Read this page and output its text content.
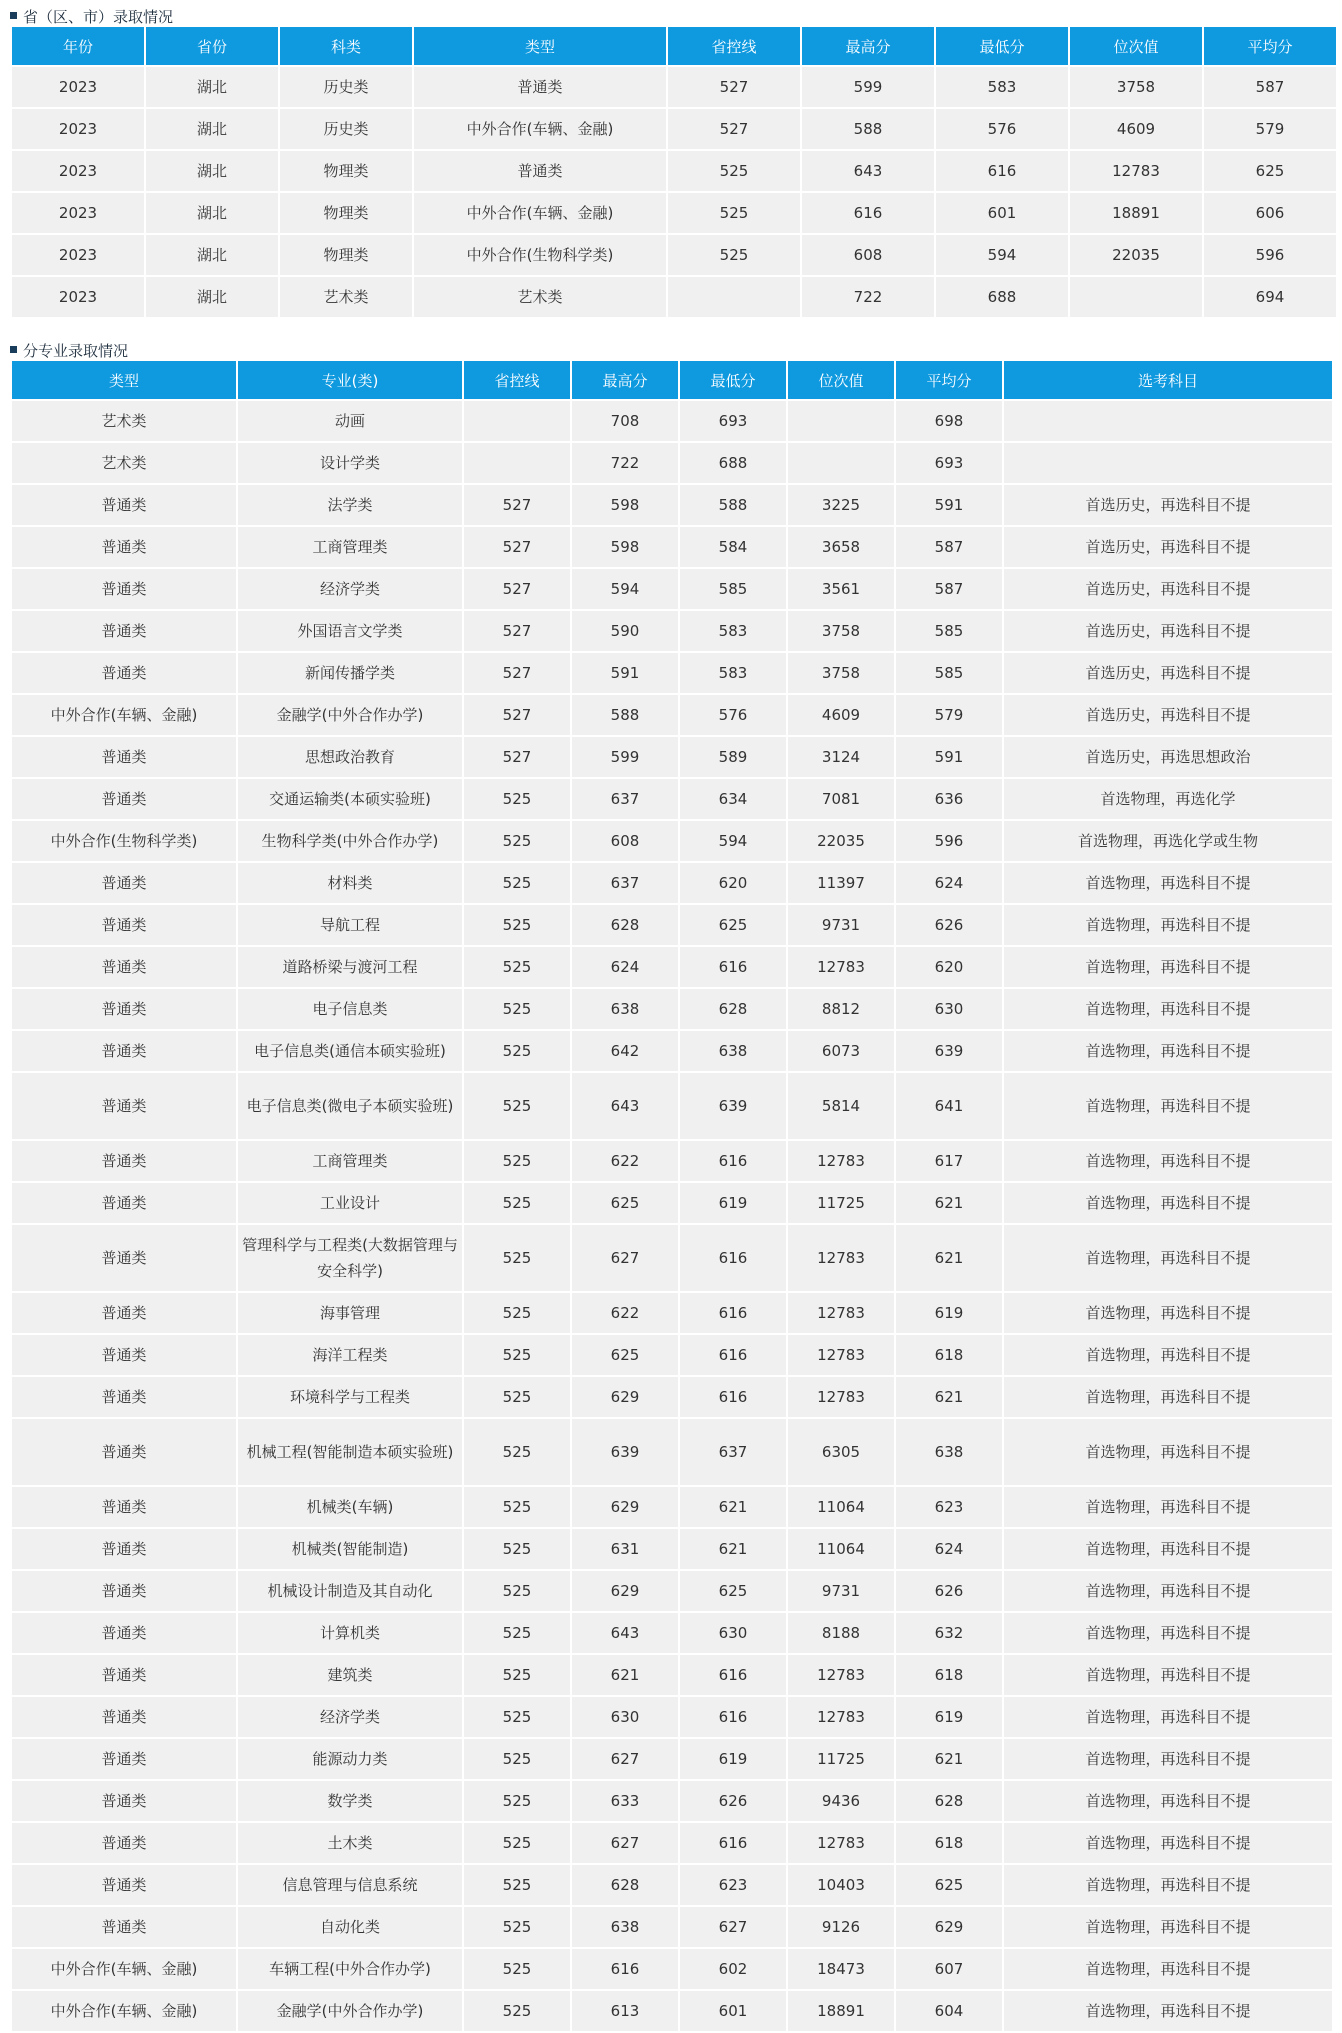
省（区、市）录取情况
年份	省份	科类	类型	省控线	最高分	最低分	位次值	平均分
2023	湖北	历史类	普通类	527	599	583	3758	587
2023	湖北	历史类	中外合作(车辆、金融)	527	588	576	4609	579
2023	湖北	物理类	普通类	525	643	616	12783	625
2023	湖北	物理类	中外合作(车辆、金融)	525	616	601	18891	606
2023	湖北	物理类	中外合作(生物科学类)	525	608	594	22035	596
2023	湖北	艺术类	艺术类		722	688		694
分专业录取情况
类型	专业(类)	省控线	最高分	最低分	位次值	平均分	选考科目
艺术类	动画		708	693		698	
艺术类	设计学类		722	688		693	
普通类	法学类	527	598	588	3225	591	首选历史，再选科目不提
普通类	工商管理类	527	598	584	3658	587	首选历史，再选科目不提
普通类	经济学类	527	594	585	3561	587	首选历史，再选科目不提
普通类	外国语言文学类	527	590	583	3758	585	首选历史，再选科目不提
普通类	新闻传播学类	527	591	583	3758	585	首选历史，再选科目不提
中外合作(车辆、金融)	金融学(中外合作办学)	527	588	576	4609	579	首选历史，再选科目不提
普通类	思想政治教育	527	599	589	3124	591	首选历史，再选思想政治
普通类	交通运输类(本硕实验班)	525	637	634	7081	636	首选物理，再选化学
中外合作(生物科学类)	生物科学类(中外合作办学)	525	608	594	22035	596	首选物理，再选化学或生物
普通类	材料类	525	637	620	11397	624	首选物理，再选科目不提
普通类	导航工程	525	628	625	9731	626	首选物理，再选科目不提
普通类	道路桥梁与渡河工程	525	624	616	12783	620	首选物理，再选科目不提
普通类	电子信息类	525	638	628	8812	630	首选物理，再选科目不提
普通类	电子信息类(通信本硕实验班)	525	642	638	6073	639	首选物理，再选科目不提
普通类	电子信息类(微电子本硕实验班)	525	643	639	5814	641	首选物理，再选科目不提
普通类	工商管理类	525	622	616	12783	617	首选物理，再选科目不提
普通类	工业设计	525	625	619	11725	621	首选物理，再选科目不提
普通类	管理科学与工程类(大数据管理与安全科学)	525	627	616	12783	621	首选物理，再选科目不提
普通类	海事管理	525	622	616	12783	619	首选物理，再选科目不提
普通类	海洋工程类	525	625	616	12783	618	首选物理，再选科目不提
普通类	环境科学与工程类	525	629	616	12783	621	首选物理，再选科目不提
普通类	机械工程(智能制造本硕实验班)	525	639	637	6305	638	首选物理，再选科目不提
普通类	机械类(车辆)	525	629	621	11064	623	首选物理，再选科目不提
普通类	机械类(智能制造)	525	631	621	11064	624	首选物理，再选科目不提
普通类	机械设计制造及其自动化	525	629	625	9731	626	首选物理，再选科目不提
普通类	计算机类	525	643	630	8188	632	首选物理，再选科目不提
普通类	建筑类	525	621	616	12783	618	首选物理，再选科目不提
普通类	经济学类	525	630	616	12783	619	首选物理，再选科目不提
普通类	能源动力类	525	627	619	11725	621	首选物理，再选科目不提
普通类	数学类	525	633	626	9436	628	首选物理，再选科目不提
普通类	土木类	525	627	616	12783	618	首选物理，再选科目不提
普通类	信息管理与信息系统	525	628	623	10403	625	首选物理，再选科目不提
普通类	自动化类	525	638	627	9126	629	首选物理，再选科目不提
中外合作(车辆、金融)	车辆工程(中外合作办学)	525	616	602	18473	607	首选物理，再选科目不提
中外合作(车辆、金融)	金融学(中外合作办学)	525	613	601	18891	604	首选物理，再选科目不提
